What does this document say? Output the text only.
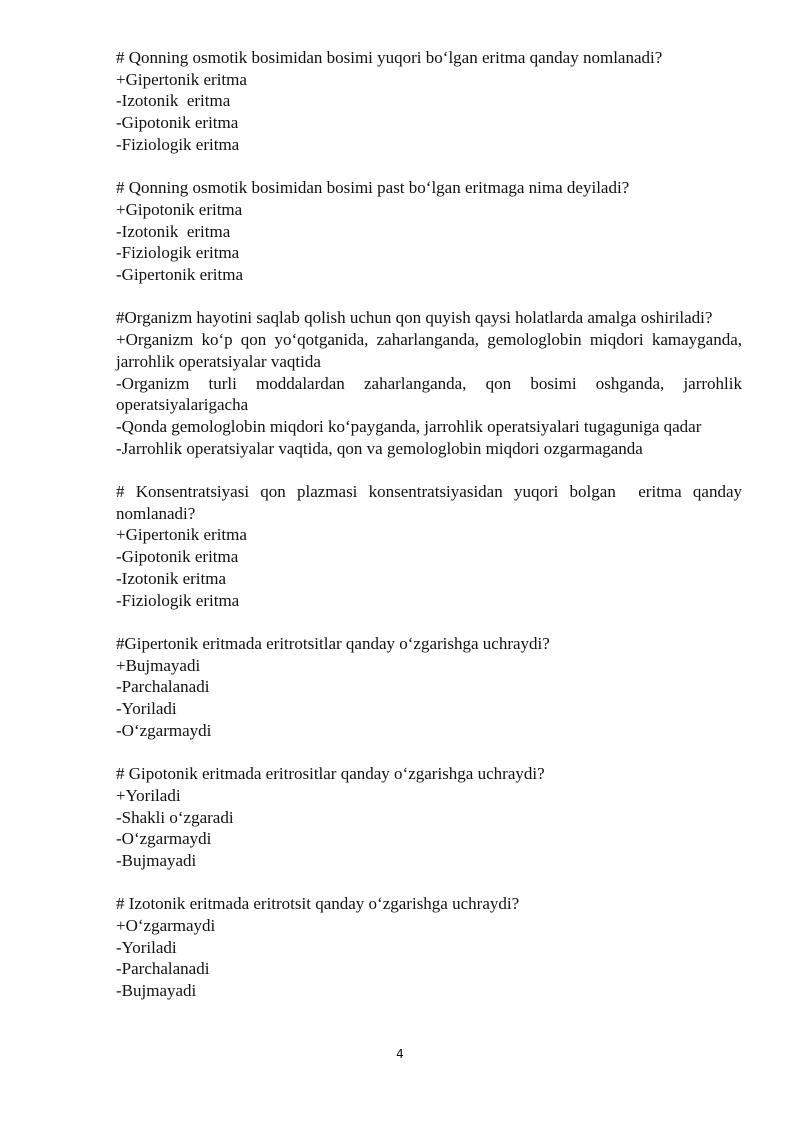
# Qonning osmotik bosimidan bosimi yuqori bo‘lgan eritma qanday nomlanadi?
+Gipertonik eritma
-Izotonik  eritma
-Gipotonik eritma
-Fiziologik eritma
# Qonning osmotik bosimidan bosimi past bo‘lgan eritmaga nima deyiladi?
+Gipotonik eritma
-Izotonik  eritma
-Fiziologik eritma
-Gipertonik eritma
#Organizm hayotini saqlab qolish uchun qon quyish qaysi holatlarda amalga oshiriladi?
+Organizm ko‘p qon yo‘qotganida, zaharlanganda, gemologlobin miqdori kamayganda, jarrohlik operatsiyalar vaqtida
-Organizm turli moddalardan zaharlanganda, qon bosimi oshganda, jarrohlik operatsiyalarigacha
-Qonda gemologlobin miqdori ko‘payganda, jarrohlik operatsiyalari tugaguniga qadar
-Jarrohlik operatsiyalar vaqtida, qon va gemologlobin miqdori ozgarmaganda
# Konsentratsiyasi qon plazmasi konsentratsiyasidan yuqori bolgan  eritma qanday nomlanadi?
+Gipertonik eritma
-Gipotonik eritma
-Izotonik eritma
-Fiziologik eritma
#Gipertonik eritmada eritrotsitlar qanday o‘zgarishga uchraydi?
+Bujmayadi
-Parchalanadi
-Yoriladi
-O‘zgarmaydi
# Gipotonik eritmada eritrositlar qanday o‘zgarishga uchraydi?
+Yoriladi
-Shakli o‘zgaradi
-O‘zgarmaydi
-Bujmayadi
# Izotonik eritmada eritrotsit qanday o‘zgarishga uchraydi?
+O‘zgarmaydi
-Yoriladi
-Parchalanadi
-Bujmayadi
4
